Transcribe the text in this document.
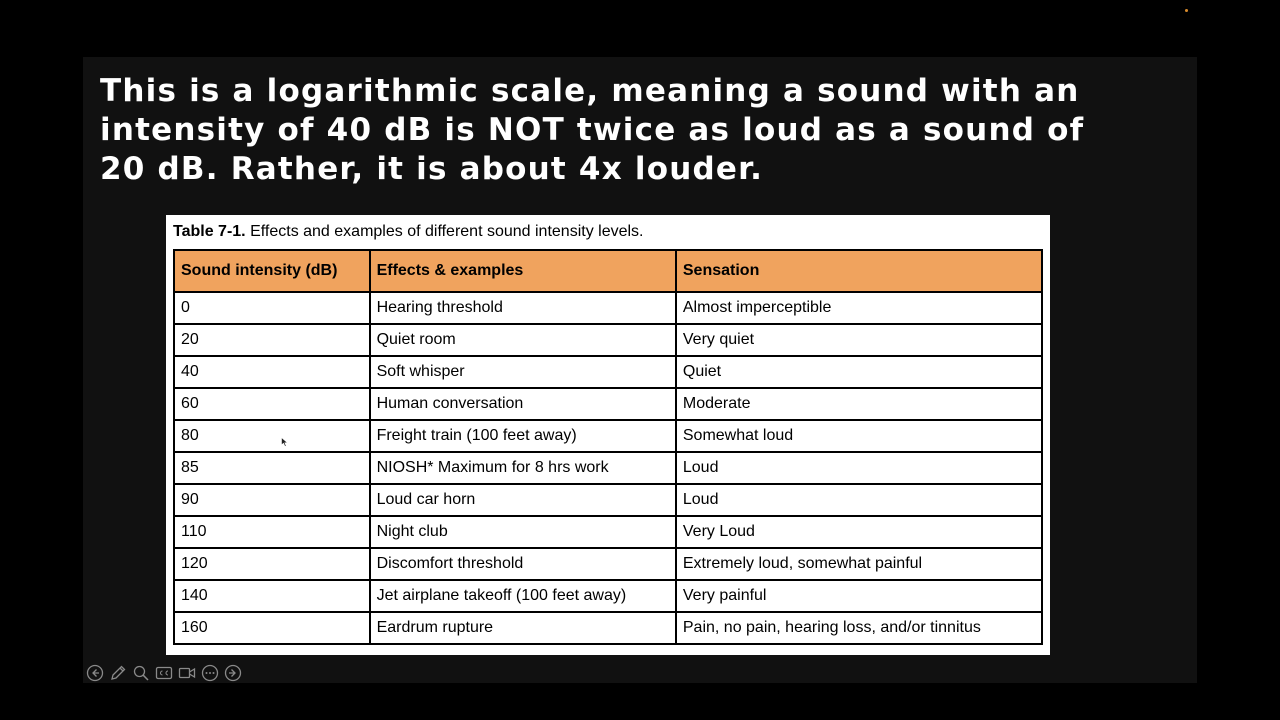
This is a logarithmic scale, meaning a sound with an
intensity of 40 dB is NOT twice as loud as a sound of
20 dB. Rather, it is about 4x louder.
Table 7-1. Effects and examples of different sound intensity levels.
Sound intensity (dB)	Effects & examples	Sensation
0	Hearing threshold	Almost imperceptible
20	Quiet room	Very quiet
40	Soft whisper	Quiet
60	Human conversation	Moderate
80	Freight train (100 feet away)	Somewhat loud
85	NIOSH* Maximum for 8 hrs work	Loud
90	Loud car horn	Loud
110	Night club	Very Loud
120	Discomfort threshold	Extremely loud, somewhat painful
140	Jet airplane takeoff (100 feet away)	Very painful
160	Eardrum rupture	Pain, no pain, hearing loss, and/or tinnitus
